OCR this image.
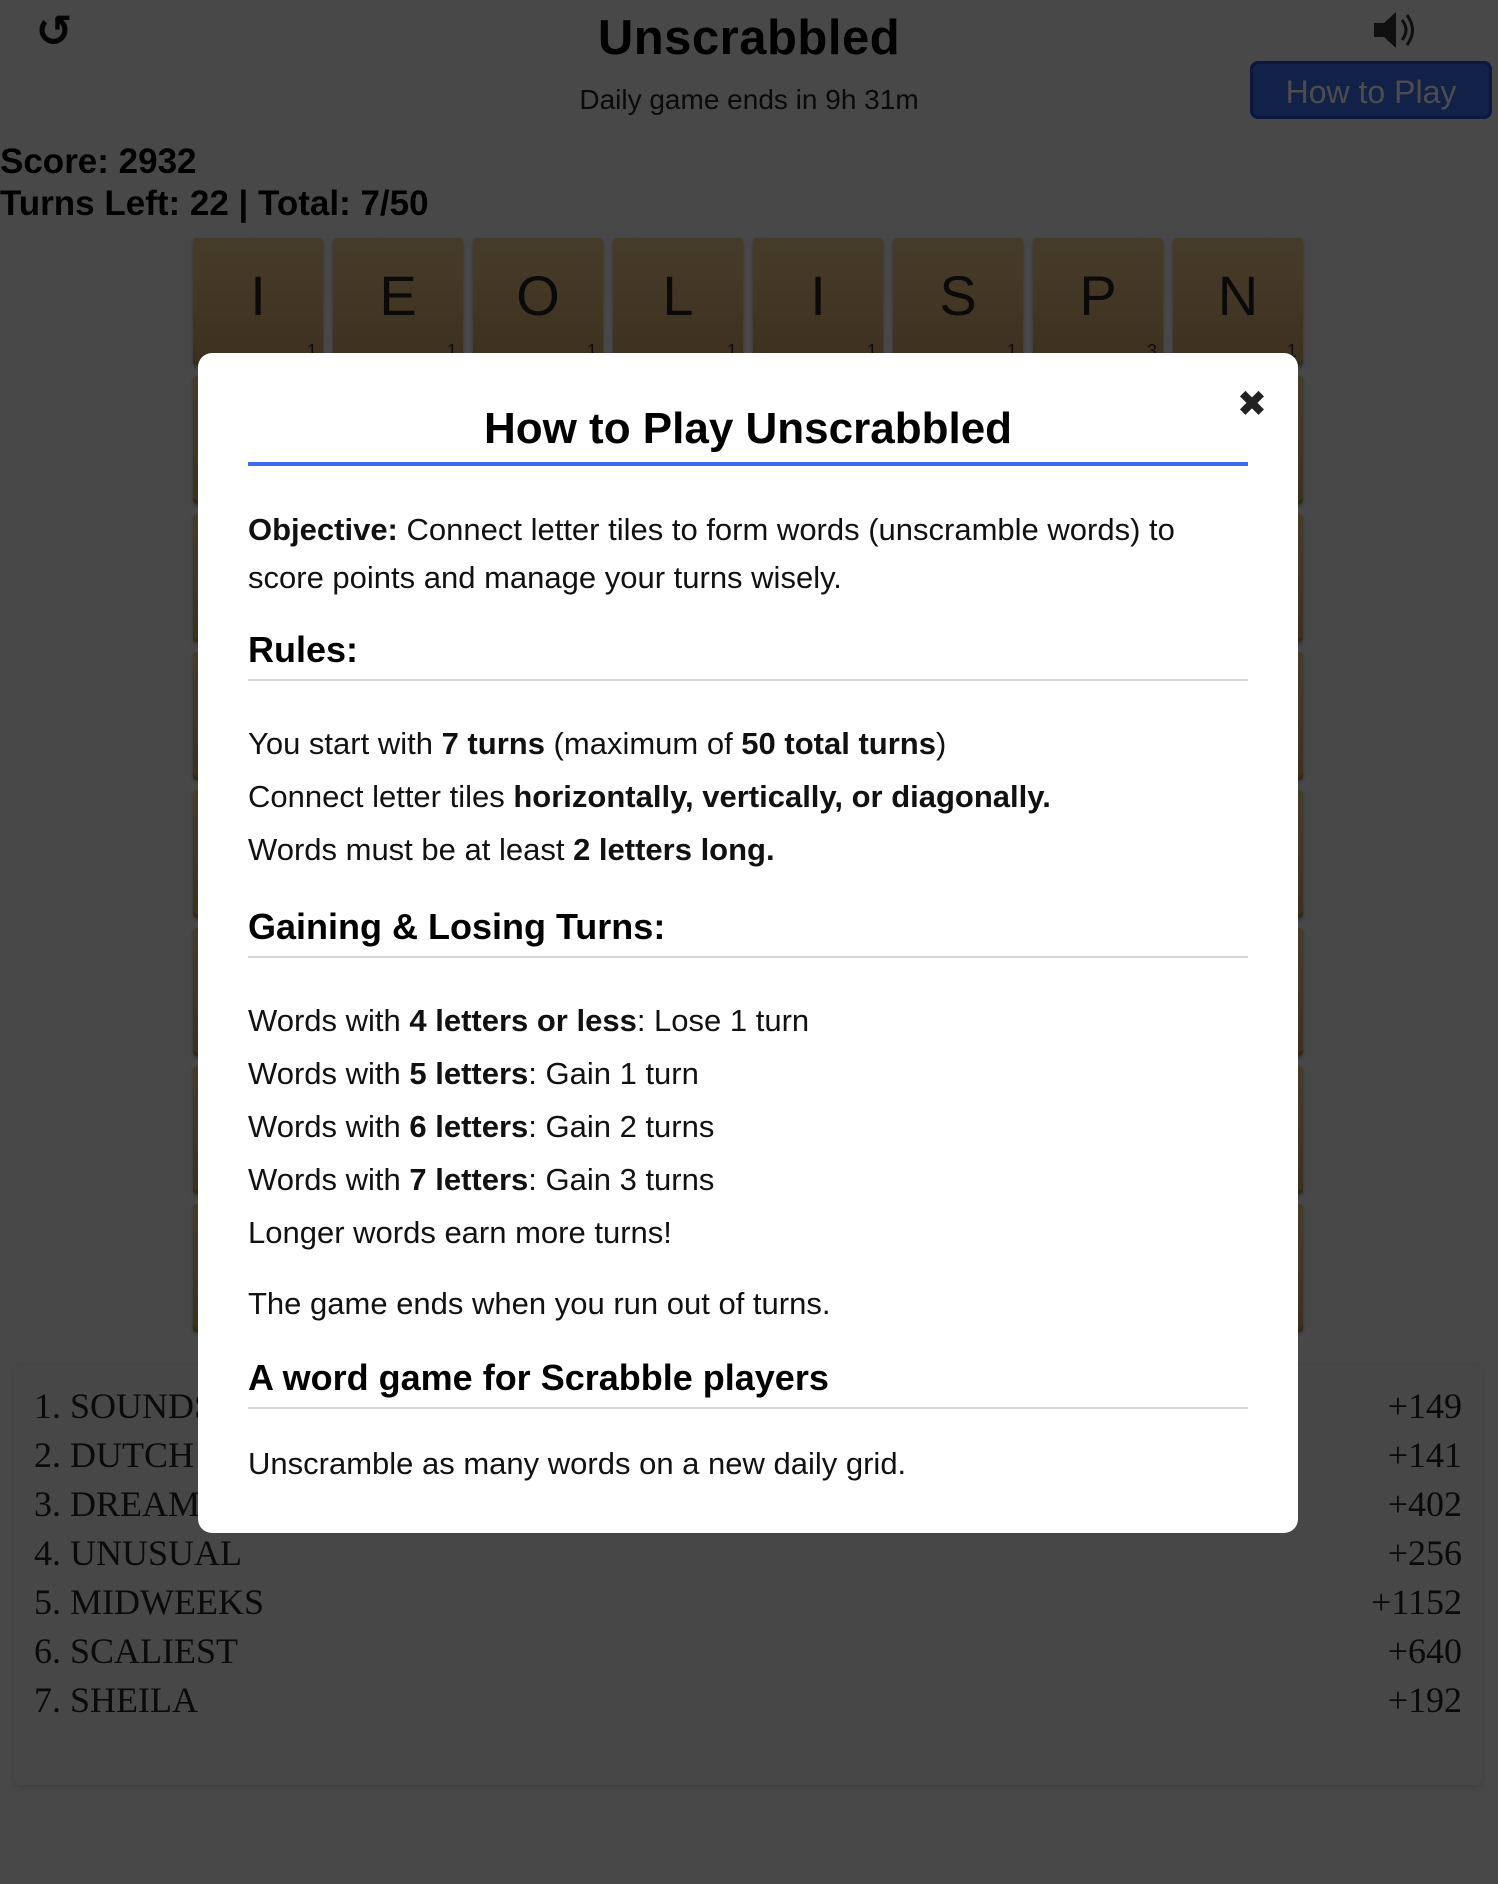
✖
How to Play Unscrabbled
Objective: Connect letter tiles to form words (unscramble words) to score points and manage your turns wisely.
Rules:
You start with 7 turns (maximum of 50 total turns)
Connect letter tiles horizontally, vertically, or diagonally.
Words must be at least 2 letters long.
Gaining & Losing Turns:
Words with 4 letters or less: Lose 1 turn
Words with 5 letters: Gain 1 turn
Words with 6 letters: Gain 2 turns
Words with 7 letters: Gain 3 turns
Longer words earn more turns!
The game ends when you run out of turns.
A word game for Scrabble players
Unscramble as many words on a new daily grid.
